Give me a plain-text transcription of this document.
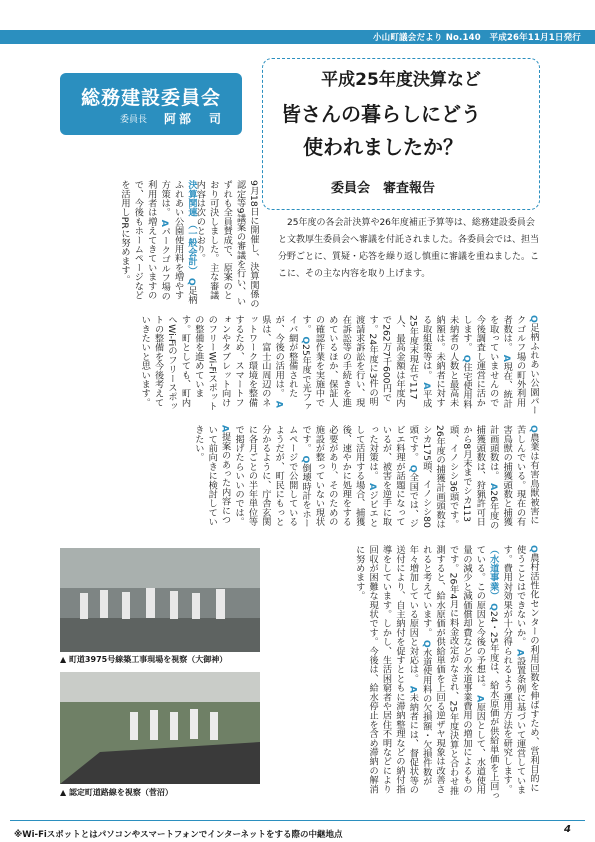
小山町議会だより No.140　平成26年11月1日発行
総務建設委員会
委員長 阿部　司
平成25年度決算など
皆さんの暮らしにどう
使われましたか？
委員会　審査報告
25年度の各会計決算や26年度補正予算等は、総務建設委員会と文教厚生委員会へ審議を付託されました。各委員会では、担当分野ごとに、質疑・応答を繰り返し慎重に審議を重ねました。ここに、その主な内容を取り上げます。
9月18日に開催し、決算関係の認定等9議案の審議を行い、いずれも全員賛成で、原案のとおり可決しました。主な審議内容は次のとおり。
決算関連 （一般会計） Q足柄ふれあい公園使用料を増やす方策は。 Aパークゴルフ場の利用者は増えてきていますので、今後もホームページなどを活用しPRに努めます。
Q足柄ふれあい公園パークゴルフ場の町外利用者数は。 A現在、統計を取っていませんので今後調査し運営に活かします。 Q住宅使用料未納者の人数と最高未納額は。未納者に対する取組策等は。 A平成25年度末現在で117人、最高金額は年度内で262万7千600円です。24年度に3件の明渡請求訴訟を行い、現在訴訟等の手続きを進めているほか、保証人の確認作業を実施中です。 Q25年度で光ファイバ網が整備されたが、今後の活用は。 A県は、富士山周辺のネットワーク環境を整備するため、スマートフォンやタブレット向けのフリーWi-Fiスポットの整備を進めています。町としても、町内へWi-Fiのフリースポットの整備を今後考えていきたいと思います。
Q農業は有害鳥獣被害に苦しんでいる。現在の有害鳥獣の捕獲頭数と捕獲計画頭数は。 A26年度の捕獲頭数は、狩猟許可日から8月末までシカ113頭、イノシシ36頭です。26年度の捕獲計画頭数はシカ175頭、イノシシ80頭です。 Q全国では、ジビエ料理が話題になっているが、被害を逆手に取った対策は。 Aジビエとして活用する場合、捕獲後、速やかに処理をする必要があり、そのための施設が整っていない現状です。 Q倒壊時計をホームページで公開しているようだが、町民にもっと分かるように、庁舎玄関に各月ごとの半年単位等で掲げたらいいのでは。 A提案のあった内容について前向きに検討していきたい。
Q農村活性化センターの利用回数を伸ばすため、営利目的に使うことはできないか。 A設置条例に基づいて運営しています。費用対効果が十分得られるよう運用方法を研究します。 （水道事業） Q24・25年度は、給水原価が供給単価を上回っている。この原因と今後の予想は。 A原因として、水道使用量の減少と減価償却費などの水道事業費用の増加によるものです。26年4月に料金改定がなされ、25年度決算と合わせ推測すると、給水原価が供給単価を上回る逆ザヤ現象は改善されると考えています。 Q水道使用料の欠損額・欠損件数が年々増加している原因と対応は。 A未納者には、督促状等の送付により、自主納付を促すとともに滞納整理などの納付指導をしています。しかし、生活困窮者や居住不明などにより回収が困難な現状です。今後は、給水停止を含め滞納の解消に努めます。
▲ 町道3975号線築工事現場を視察（大御神）
▲ 認定町道路線を視察（菅沼）
※Wi-Fiスポットとはパソコンやスマートフォンでインターネットをする際の中継地点	4
